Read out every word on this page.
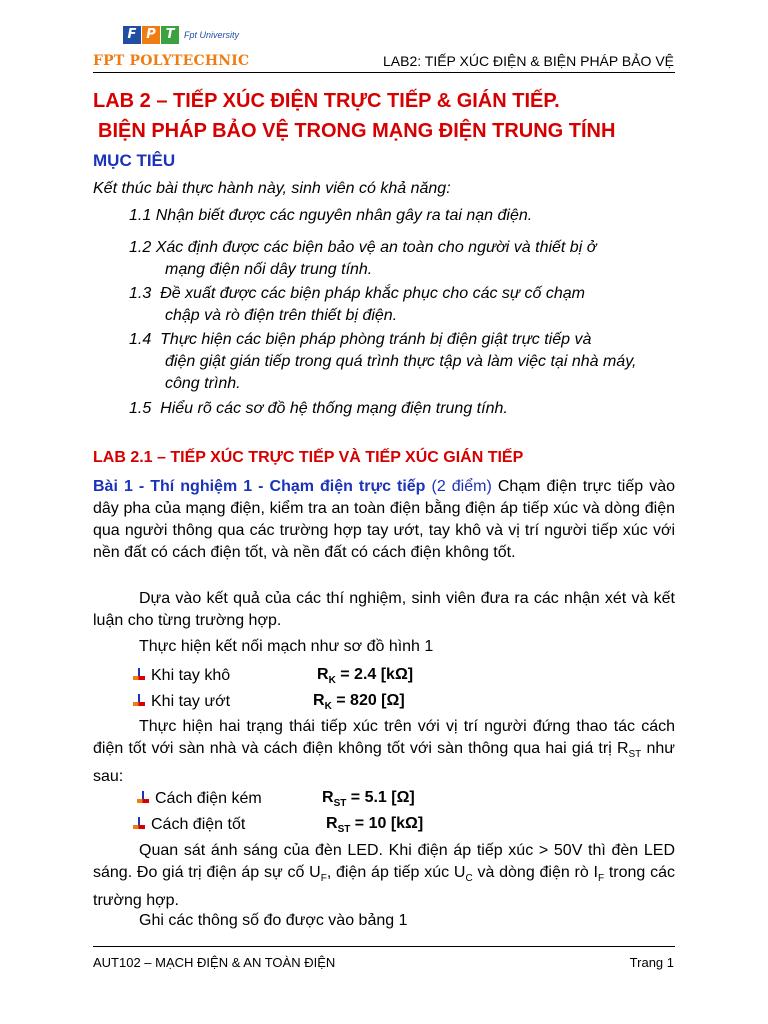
F P T	$^{Fpt University}$
FPT POLYTECHNIC	LAB2: TIẾP XÚC ĐIỆN & BIỆN PHÁP BẢO VỆ
LAB 2 – TIẾP XÚC ĐIỆN TRỰC TIẾP & GIÁN TIẾP.
BIỆN PHÁP BẢO VỆ TRONG MẠNG ĐIỆN TRUNG TÍNH
MỤC TIÊU
Kết thúc bài thực hành này, sinh viên có khả năng:
1.1 Nhận biết được các nguyên nhân gây ra tai nạn điện.
1.2 Xác định được các biện bảo vệ an toàn cho người và thiết bị ở
mạng điện nối dây trung tính.
1.3 Đề xuất được các biện pháp khắc phục cho các sự cố chạm
chập và rò điện trên thiết bị điện.
1.4 Thực hiện các biện pháp phòng tránh bị điện giật trực tiếp và
điện giật gián tiếp trong quá trình thực tập và làm việc tại nhà máy, công trình.
1.5 Hiểu rõ các sơ đồ hệ thống mạng điện trung tính.
LAB 2.1 – TIẾP XÚC TRỰC TIẾP VÀ TIẾP XÚC GIÁN TIẾP
Bài 1 - Thí nghiệm 1 - Chạm điện trực tiếp (2 điểm) Chạm điện trực tiếp vào dây pha của mạng điện, kiểm tra an toàn điện bằng điện áp tiếp xúc và dòng điện qua người thông qua các trường hợp tay ướt, tay khô và vị trí người tiếp xúc với nền đất có cách điện tốt, và nền đất có cách điện không tốt.
Dựa vào kết quả của các thí nghiệm, sinh viên đưa ra các nhận xét và kết luận cho từng trường hợp.
Thực hiện kết nối mạch như sơ đồ hình 1
Khi tay khô	$R_K = 2.4$ [kΩ]
Khi tay ướt	$R_K = 820$ [Ω]
Thực hiện hai trạng thái tiếp xúc trên với vị trí người đứng thao tác cách điện tốt với sàn nhà và cách điện không tốt với sàn thông qua hai giá trị $R_{ST}$ như sau:
Cách điện kém	$R_{ST} = 5.1$ [Ω]
Cách điện tốt	$R_{ST} = 10$ [kΩ]
Quan sát ánh sáng của đèn LED. Khi điện áp tiếp xúc > 50V thì đèn LED sáng. Đo giá trị điện áp sự cố $U_F$, điện áp tiếp xúc $U_C$ và dòng điện rò $I_F$ trong các trường hợp.
Ghi các thông số đo được vào bảng 1
AUT102 – MẠCH ĐIỆN & AN TOÀN ĐIỆN	Trang 1
